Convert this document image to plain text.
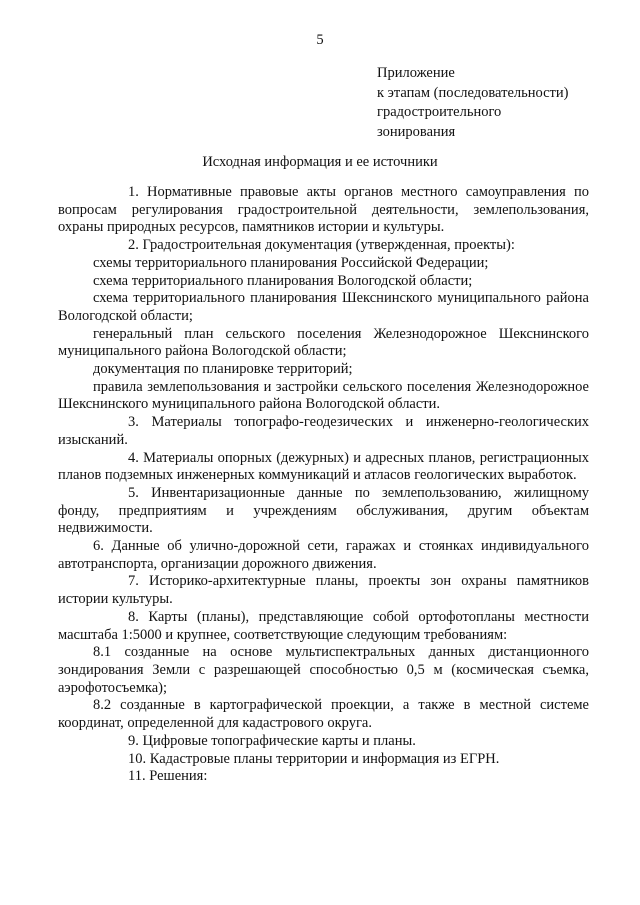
5
Приложение
к этапам (последовательности)
градостроительного
зонирования
Исходная информация и ее источники

1. Нормативные правовые акты органов местного самоуправления по вопросам регулирования градостроительной деятельности, землепользования, охраны природных ресурсов, памятников истории и культуры.

2. Градостроительная документация (утвержденная, проекты):

схемы территориального планирования Российской Федерации;

схема территориального планирования Вологодской области;

схема территориального планирования Шекснинского муниципального района Вологодской области;

генеральный план сельского поселения Железнодорожное Шекснинского муниципального района Вологодской области;

документация по планировке территорий;

правила землепользования и застройки сельского поселения Железнодорожное Шекснинского муниципального района Вологодской области.

3. Материалы топографо-геодезических и инженерно-геологических изысканий.

4. Материалы опорных (дежурных) и адресных планов, регистрационных планов подземных инженерных коммуникаций и атласов геологических выработок.

5. Инвентаризационные данные по землепользованию, жилищному фонду, предприятиям и учреждениям обслуживания, другим объектам недвижимости.

6. Данные об улично-дорожной сети, гаражах и стоянках индивидуального автотранспорта, организации дорожного движения.

7. Историко-архитектурные планы, проекты зон охраны памятников истории культуры.

8. Карты (планы), представляющие собой ортофотопланы местности масштаба 1:5000 и крупнее, соответствующие следующим требованиям:

8.1 созданные на основе мультиспектральных данных дистанционного зондирования Земли с разрешающей способностью 0,5 м (космическая съемка, аэрофотосъемка);

8.2 созданные в картографической проекции, а также в местной системе координат, определенной для кадастрового округа.

9. Цифровые топографические карты и планы.

10. Кадастровые планы территории и информация из ЕГРН.

11. Решения:
